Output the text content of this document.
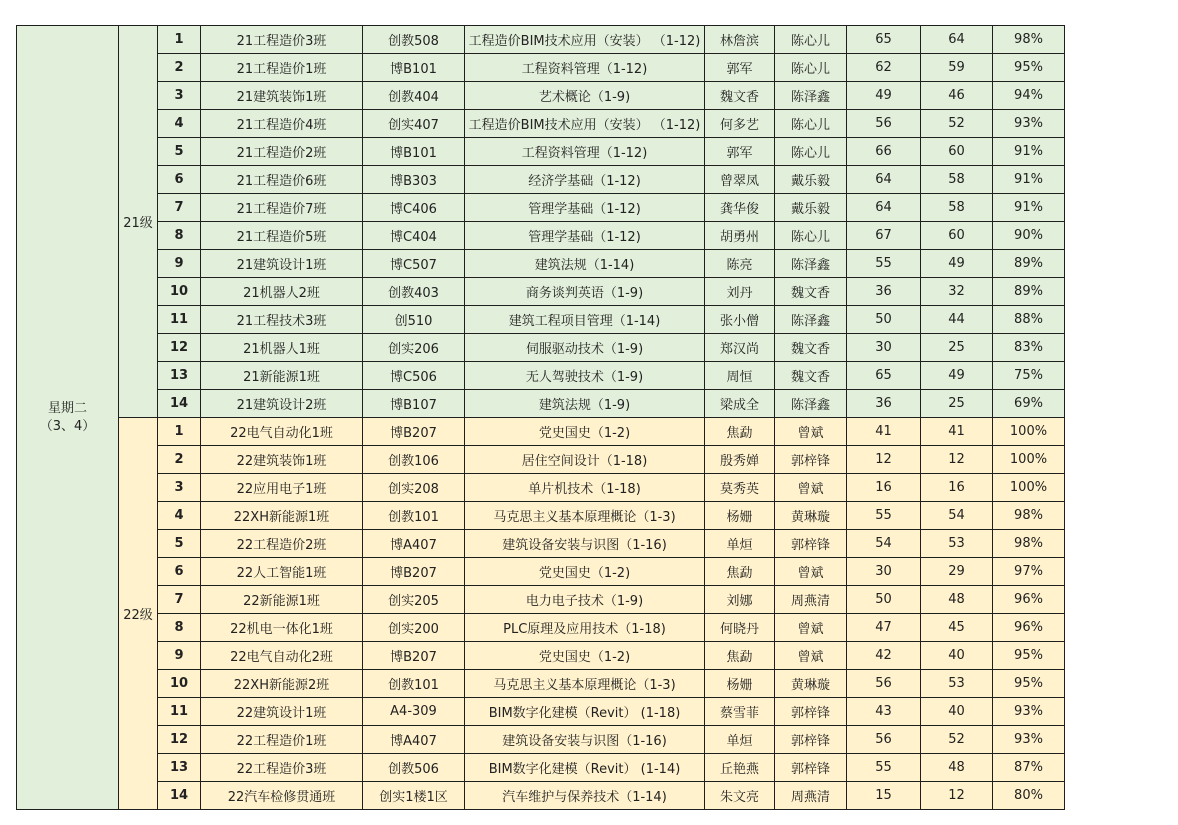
星期二
（3、4）	21级	1	21工程造价3班	创教508	工程造价BIM技术应用（安装） （1-12)	林詹滨	陈心儿	65	64	98%
		2	21工程造价1班	博B101	工程资料管理（1-12)	郭军	陈心儿	62	59	95%
		3	21建筑装饰1班	创教404	艺术概论（1-9)	魏文香	陈泽鑫	49	46	94%
		4	21工程造价4班	创实407	工程造价BIM技术应用（安装） （1-12)	何多艺	陈心儿	56	52	93%
		5	21工程造价2班	博B101	工程资料管理（1-12)	郭军	陈心儿	66	60	91%
		6	21工程造价6班	博B303	经济学基础（1-12)	曾翠凤	戴乐毅	64	58	91%
		7	21工程造价7班	博C406	管理学基础（1-12)	龚华俊	戴乐毅	64	58	91%
		8	21工程造价5班	博C404	管理学基础（1-12)	胡勇州	陈心儿	67	60	90%
		9	21建筑设计1班	博C507	建筑法规（1-14)	陈亮	陈泽鑫	55	49	89%
		10	21机器人2班	创教403	商务谈判英语（1-9)	刘丹	魏文香	36	32	89%
		11	21工程技术3班	创510	建筑工程项目管理（1-14)	张小僧	陈泽鑫	50	44	88%
		12	21机器人1班	创实206	伺服驱动技术（1-9)	郑汉尚	魏文香	30	25	83%
		13	21新能源1班	博C506	无人驾驶技术（1-9)	周恒	魏文香	65	49	75%
		14	21建筑设计2班	博B107	建筑法规（1-9)	梁成全	陈泽鑫	36	25	69%
	22级	1	22电气自动化1班	博B207	党史国史（1-2)	焦勐	曾斌	41	41	100%
		2	22建筑装饰1班	创教106	居住空间设计（1-18)	殷秀婵	郭梓锋	12	12	100%
		3	22应用电子1班	创实208	单片机技术（1-18)	莫秀英	曾斌	16	16	100%
		4	22XH新能源1班	创教101	马克思主义基本原理概论（1-3)	杨姗	黄琳璇	55	54	98%
		5	22工程造价2班	博A407	建筑设备安装与识图（1-16)	单烜	郭梓锋	54	53	98%
		6	22人工智能1班	博B207	党史国史（1-2)	焦勐	曾斌	30	29	97%
		7	22新能源1班	创实205	电力电子技术（1-9)	刘娜	周燕清	50	48	96%
		8	22机电一体化1班	创实200	PLC原理及应用技术（1-18)	何晓丹	曾斌	47	45	96%
		9	22电气自动化2班	博B207	党史国史（1-2)	焦勐	曾斌	42	40	95%
		10	22XH新能源2班	创教101	马克思主义基本原理概论（1-3)	杨姗	黄琳璇	56	53	95%
		11	22建筑设计1班	A4-309	BIM数字化建模（Revit） (1-18)	蔡雪菲	郭梓锋	43	40	93%
		12	22工程造价1班	博A407	建筑设备安装与识图（1-16)	单烜	郭梓锋	56	52	93%
		13	22工程造价3班	创教506	BIM数字化建模（Revit） (1-14)	丘艳燕	郭梓锋	55	48	87%
		14	22汽车检修贯通班	创实1楼1区	汽车维护与保养技术（1-14)	朱文亮	周燕清	15	12	80%
